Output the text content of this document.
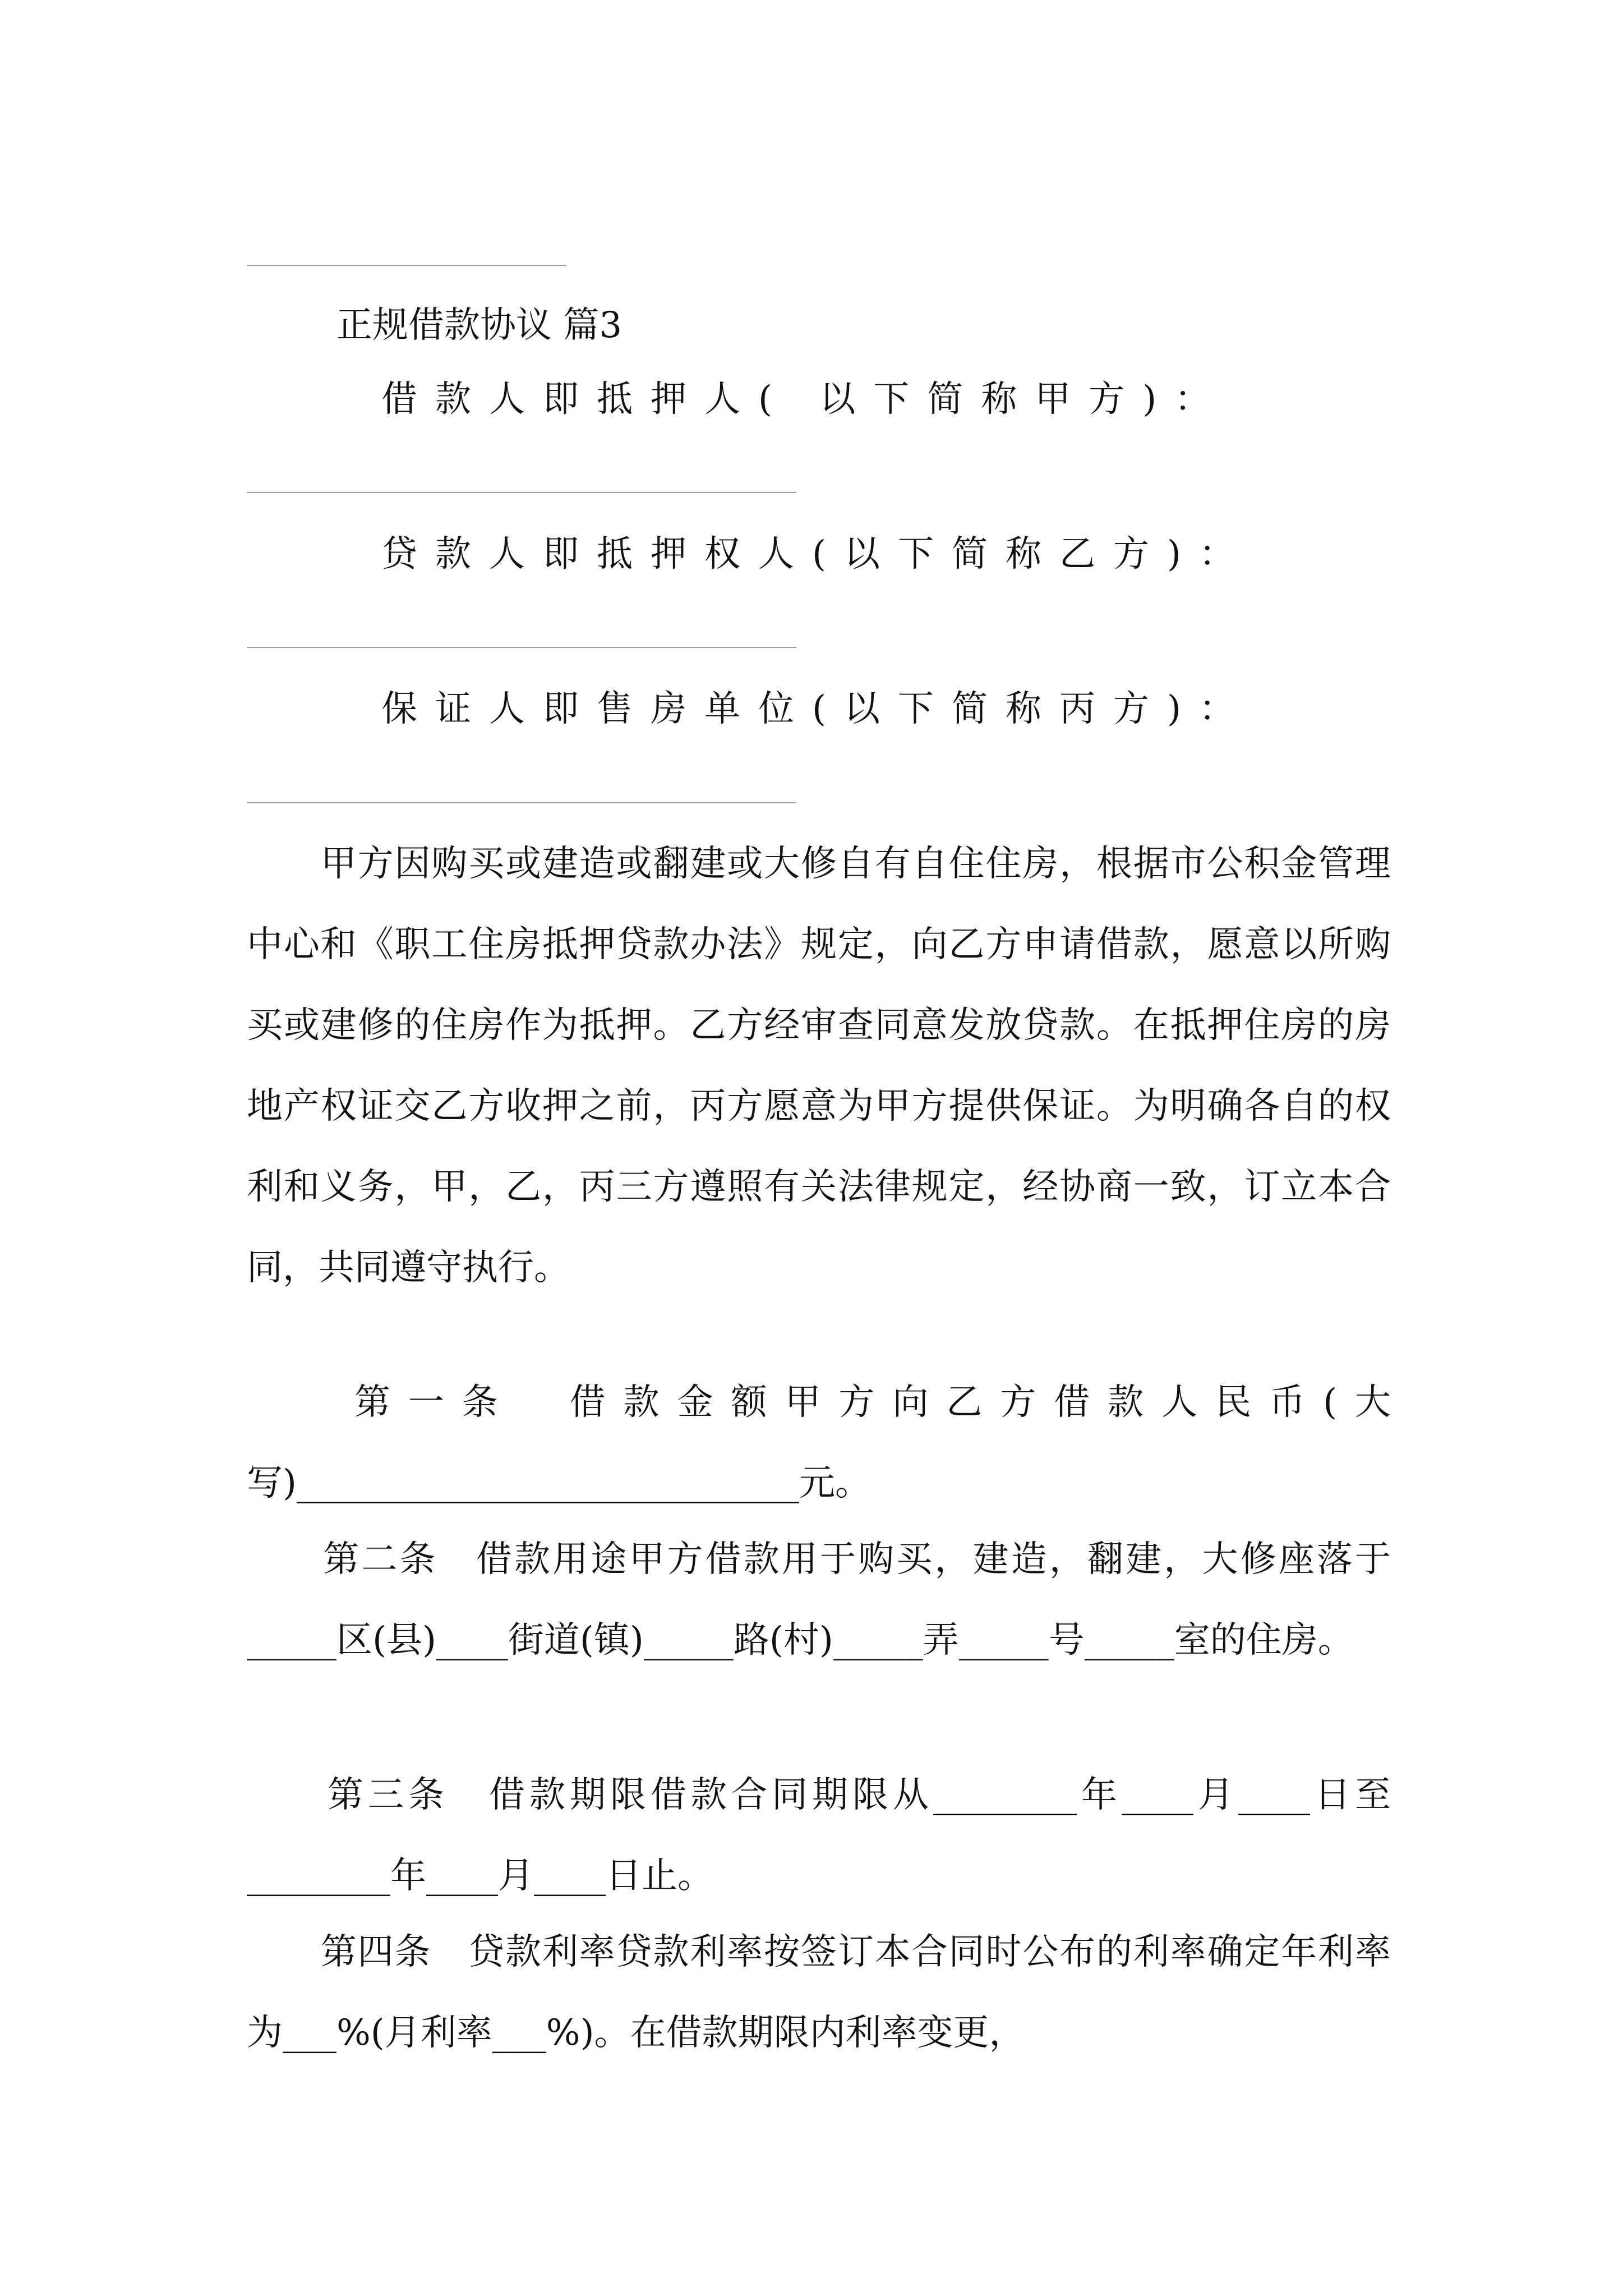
正规借款协议 篇3
借款人即抵押人( 以下简称甲方)：
贷款人即抵押权人(以下简称乙方)：
保证人即售房单位(以下简称丙方)：
　　甲方因购买或建造或翻建或大修自有自住住房，根据市公积金管理中心和《职工住房抵押贷款办法》规定，向乙方申请借款，愿意以所购买或建修的住房作为抵押。乙方经审查同意发放贷款。在抵押住房的房地产权证交乙方收押之前，丙方愿意为甲方提供保证。为明确各自的权利和义务，甲，乙，丙三方遵照有关法律规定，经协商一致，订立本合同，共同遵守执行。
　　第一条　借款金额甲方向乙方借款人民币(大写)____________________________元。
　　第二条　借款用途甲方借款用于购买，建造，翻建，大修座落于_____区(县)____街道(镇)_____路(村)_____弄_____号_____室的住房。
　　第三条　借款期限借款合同期限从________年____月____日至________年____月____日止。
　　第四条　贷款利率贷款利率按签订本合同时公布的利率确定年利率为___%(月利率___%)。在借款期限内利率变更，
